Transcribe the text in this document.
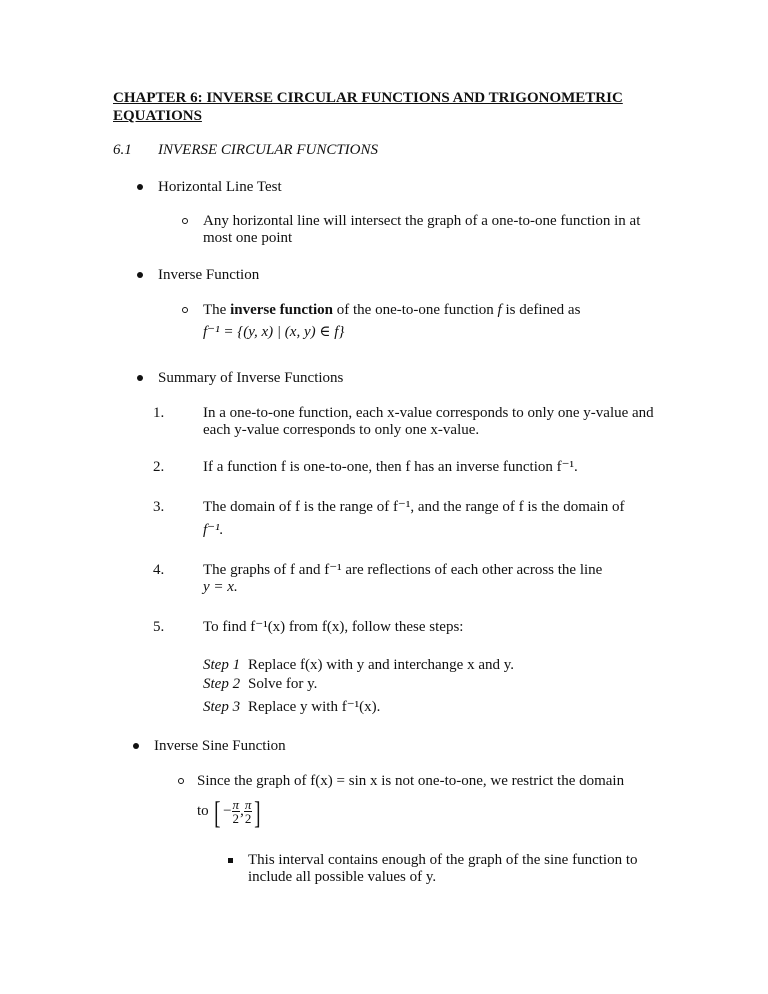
CHAPTER 6: INVERSE CIRCULAR FUNCTIONS AND TRIGONOMETRIC
EQUATIONS
6.1 INVERSE CIRCULAR FUNCTIONS
Horizontal Line Test
Any horizontal line will intersect the graph of a one-to-one function in at
most one point
Inverse Function
The inverse function of the one-to-one function f is defined as
f⁻¹ = {(y, x) | (x, y) ∈ f}
Summary of Inverse Functions
1.	In a one-to-one function, each x-value corresponds to only one y-value and
each y-value corresponds to only one x-value.
2.	If a function f is one-to-one, then f has an inverse function f⁻¹.
3.	The domain of f is the range of f⁻¹, and the range of f is the domain of
f⁻¹.
4.	The graphs of f and f⁻¹ are reflections of each other across the line
y = x.
5.	To find f⁻¹(x) from f(x), follow these steps:
Step 1 Replace f(x) with y and interchange x and y.
Step 2 Solve for y.
Step 3 Replace y with f⁻¹(x).
Inverse Sine Function
Since the graph of f(x) = sin x is not one-to-one, we restrict the domain
to [ − $\frac{\pi}{2}$ , $\frac{\pi}{2}$ ]
This interval contains enough of the graph of the sine function to
include all possible values of y.
